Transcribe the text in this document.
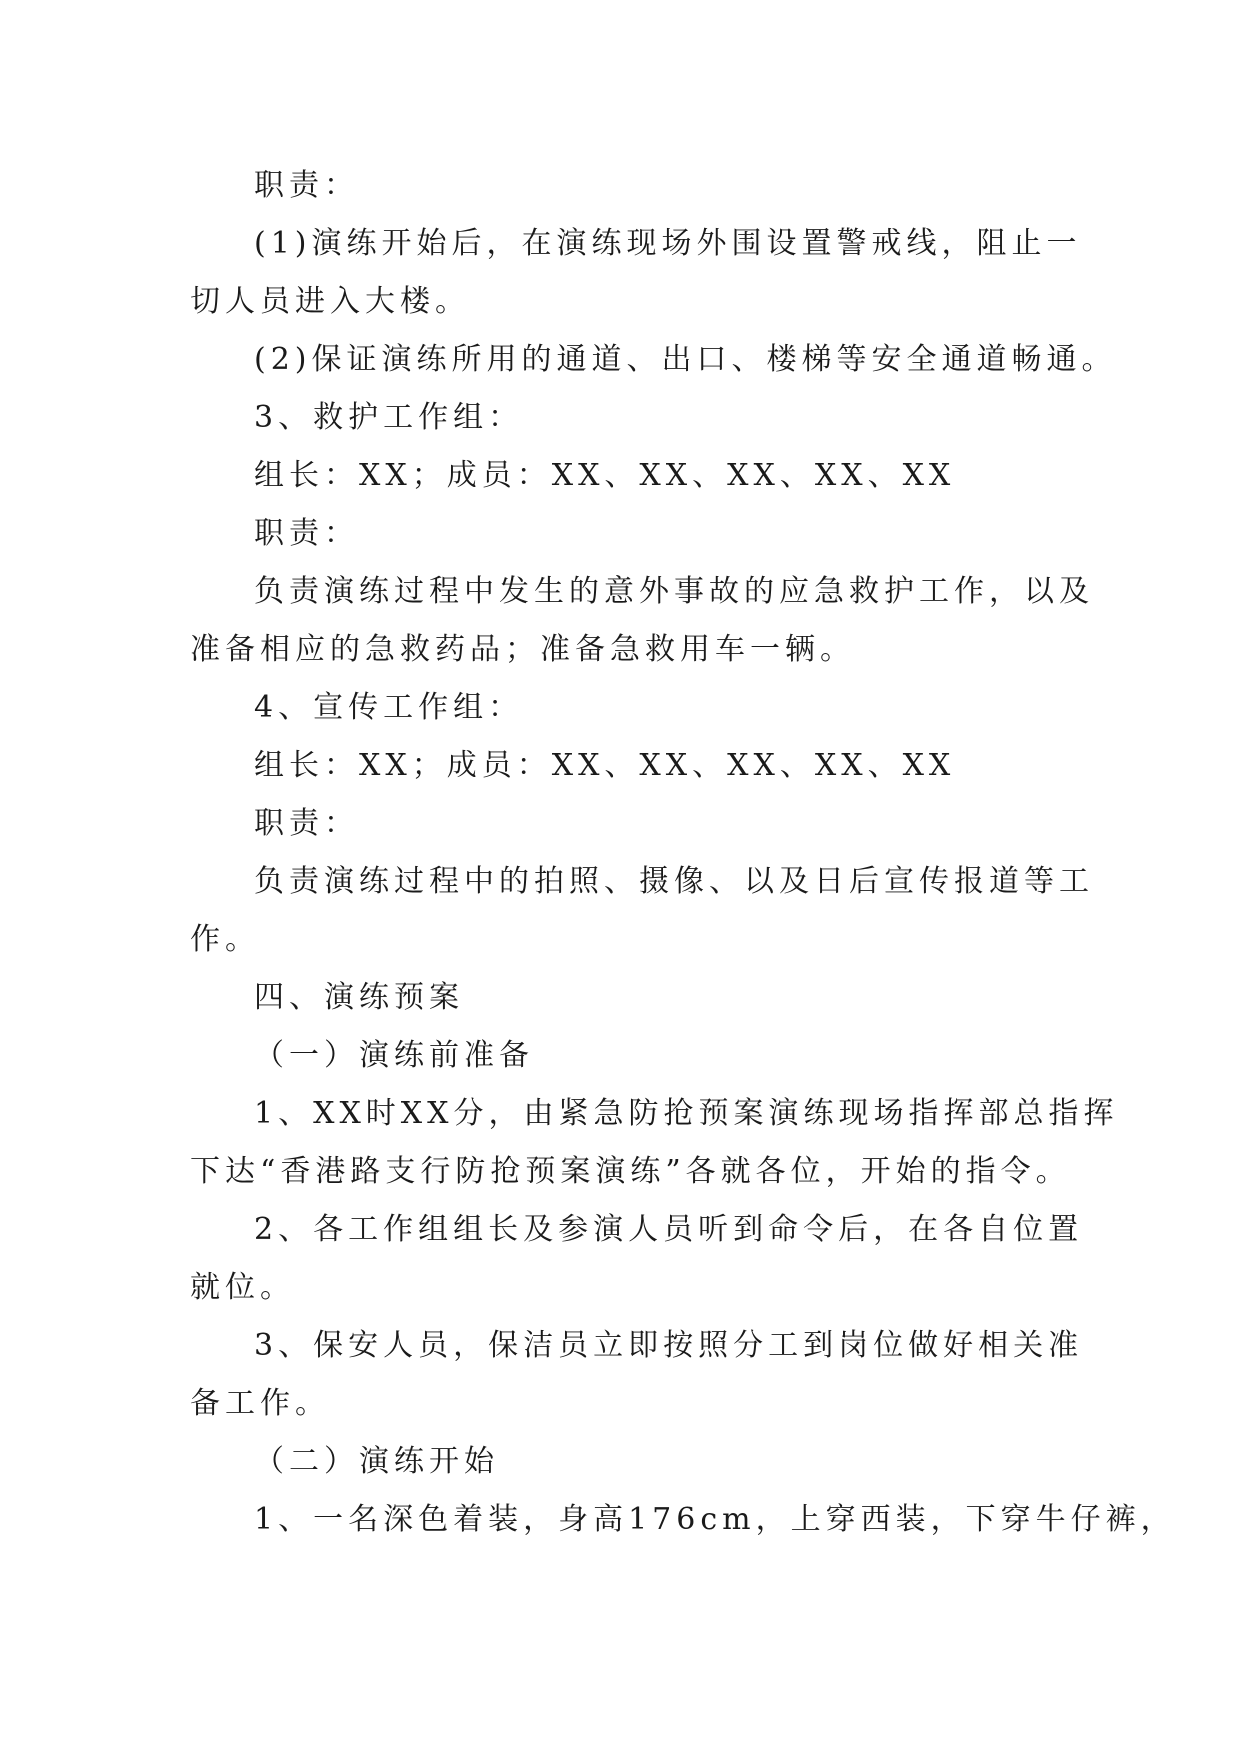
职责：
(1)演练开始后，在演练现场外围设置警戒线，阻止一
切人员进入大楼。
(2)保证演练所用的通道、出口、楼梯等安全通道畅通。
3、救护工作组：
组长：XX；成员：XX、XX、XX、XX、XX
职责：
负责演练过程中发生的意外事故的应急救护工作，以及
准备相应的急救药品；准备急救用车一辆。
4、宣传工作组：
组长：XX；成员：XX、XX、XX、XX、XX
职责：
负责演练过程中的拍照、摄像、以及日后宣传报道等工
作。
四、演练预案
（一）演练前准备
1、XX时XX分，由紧急防抢预案演练现场指挥部总指挥
下达“香港路支行防抢预案演练”各就各位，开始的指令。
2、各工作组组长及参演人员听到命令后，在各自位置
就位。
3、保安人员，保洁员立即按照分工到岗位做好相关准
备工作。
（二）演练开始
1、一名深色着装，身高176cm，上穿西装，下穿牛仔裤，
